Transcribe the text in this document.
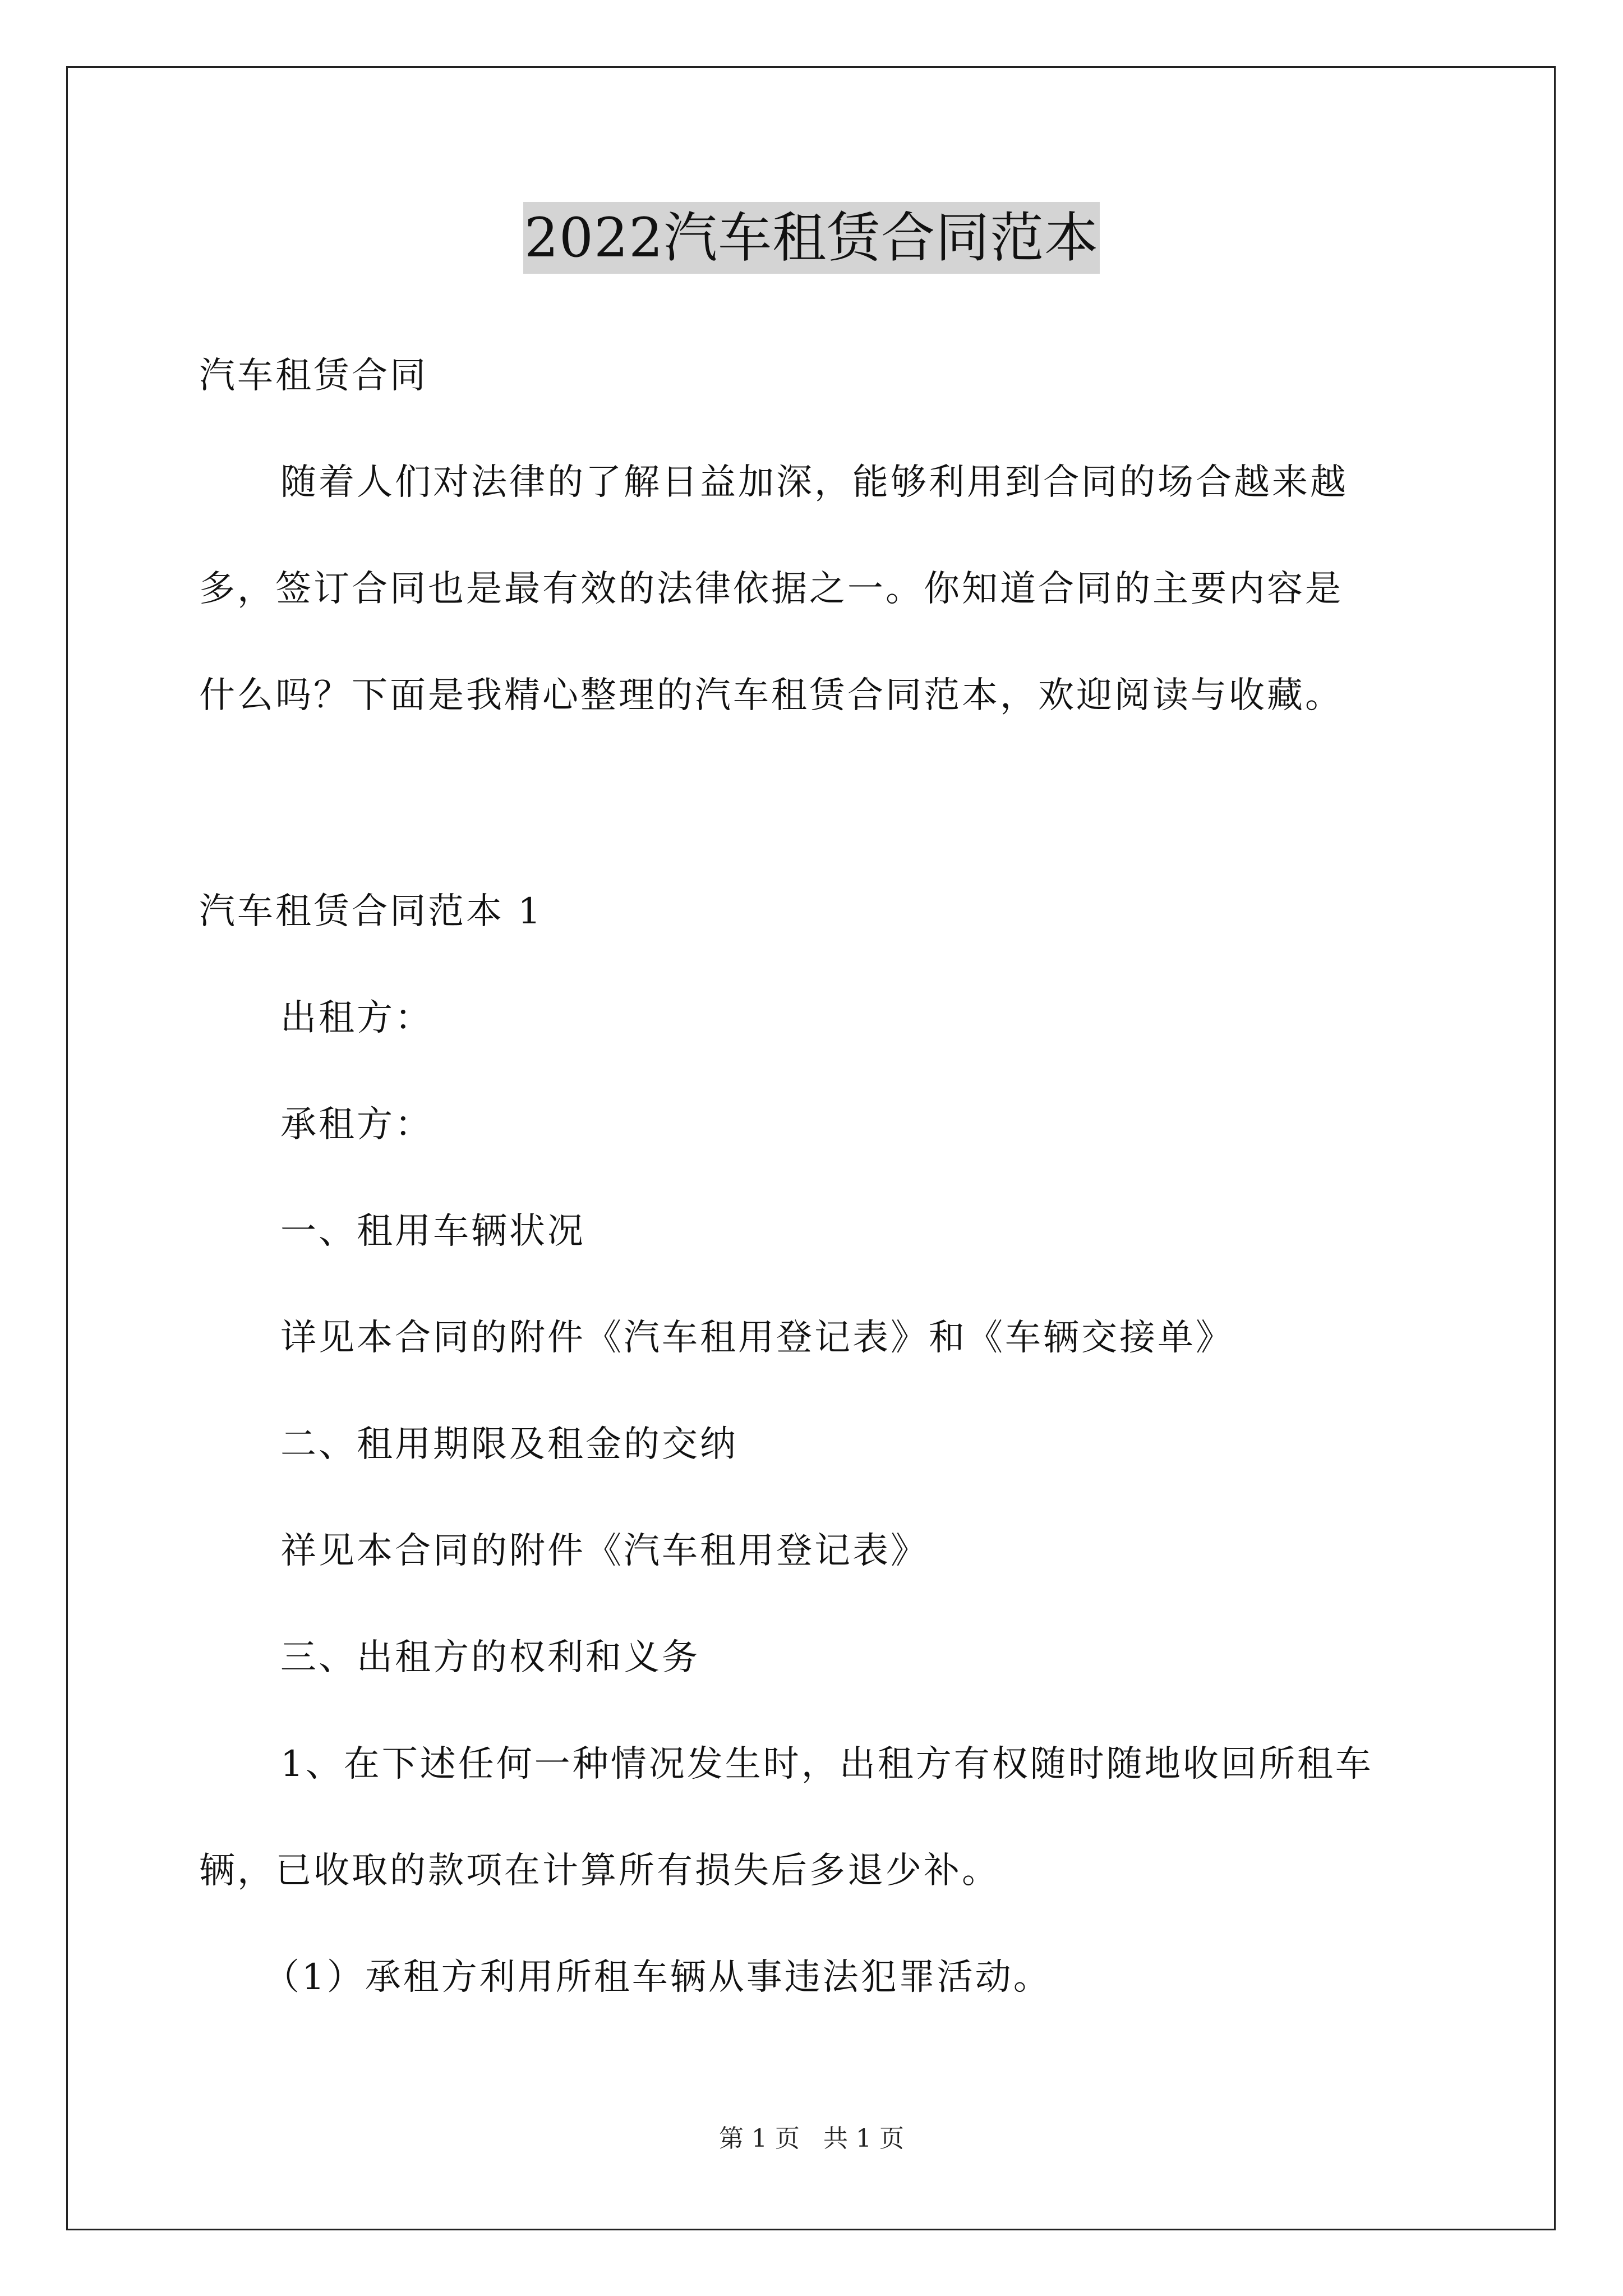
2022汽车租赁合同范本
汽车租赁合同
随着人们对法律的了解日益加深，能够利用到合同的场合越来越
多，签订合同也是最有效的法律依据之一。你知道合同的主要内容是
什么吗？下面是我精心整理的汽车租赁合同范本，欢迎阅读与收藏。
汽车租赁合同范本 1
出租方：
承租方：
一、租用车辆状况
详见本合同的附件《汽车租用登记表》和《车辆交接单》
二、租用期限及租金的交纳
祥见本合同的附件《汽车租用登记表》
三、出租方的权利和义务
1、在下述任何一种情况发生时，出租方有权随时随地收回所租车
辆，已收取的款项在计算所有损失后多退少补。
（1）承租方利用所租车辆从事违法犯罪活动。
第 1 页 共 1 页
